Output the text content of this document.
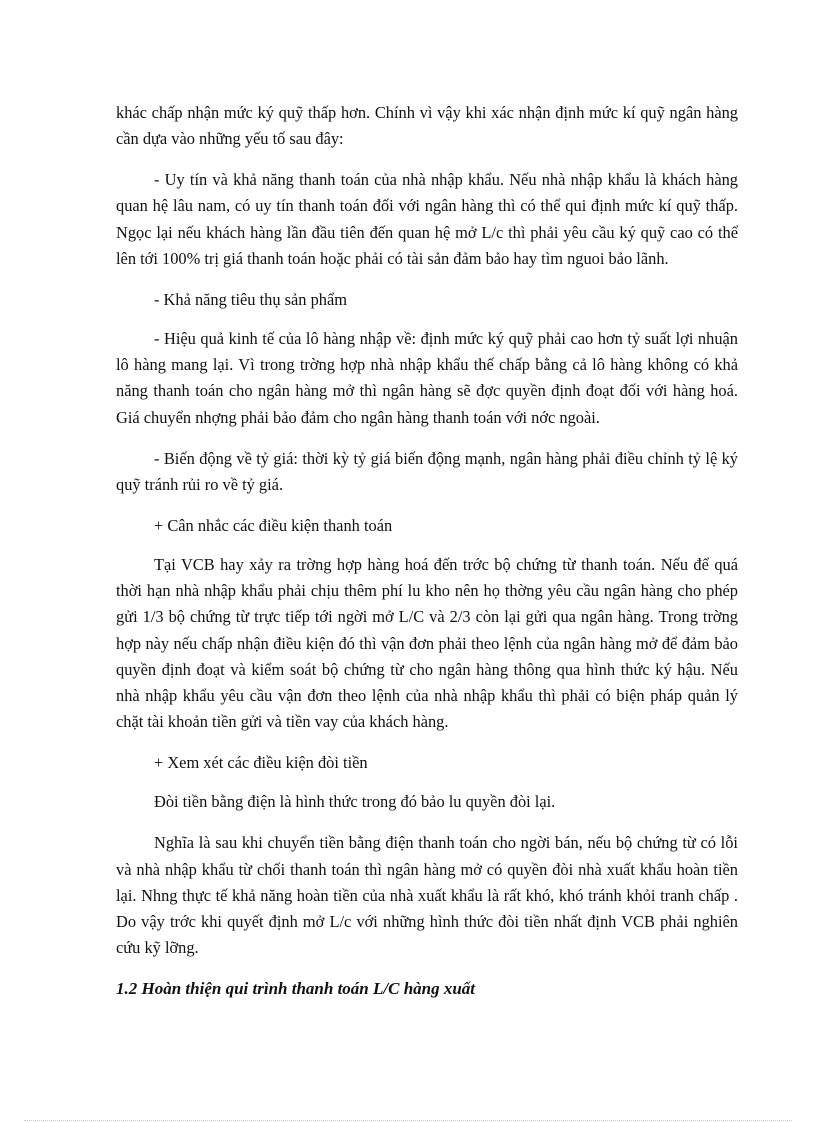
khác chấp nhận mức ký quỹ thấp hơn. Chính vì vậy khi xác nhận định mức kí quỹ ngân hàng cần dựa vào những yếu tố sau đây:

- Uy tín và khả năng thanh toán của nhà nhập khẩu. Nếu nhà nhập khẩu là khách hàng quan hệ lâu nam, có uy tín thanh toán đối với ngân hàng thì có thể qui định mức kí quỹ thấp. Ngọc lại nếu khách hàng lần đầu tiên đến quan hệ mở L/c thì phải yêu cầu ký quỹ cao có thể lên tới 100% trị giá thanh toán hoặc phải có tài sản đảm bảo hay tìm nguoi bảo lãnh.

- Khả năng tiêu thụ sản phẩm

- Hiệu quả kinh tế của lô hàng nhập về: định mức ký quỹ phải cao hơn tỷ suất lợi nhuận lô hàng mang lại. Vì trong trờng hợp nhà nhập khẩu thế chấp bằng cả lô hàng không có khả năng thanh toán cho ngân hàng mở thì ngân hàng sẽ đợc quyền định đoạt đối với hàng hoá. Giá chuyển nhợng phải bảo đảm cho ngân hàng thanh toán với nớc ngoài.

- Biến động về tỷ giá: thời kỳ tỷ giá biến động mạnh, ngân hàng phải điều chỉnh tỷ lệ ký quỹ tránh rủi ro về tỷ giá.

+ Cân nhắc các điều kiện thanh toán

Tại VCB hay xảy ra trờng hợp hàng hoá đến trớc bộ chứng từ thanh toán. Nếu để quá thời hạn nhà nhập khẩu phải chịu thêm phí lu kho nên họ thờng yêu cầu ngân hàng cho phép gửi 1/3 bộ chứng từ trực tiếp tới ngời mở L/C và 2/3 còn lại gửi qua ngân hàng. Trong trờng hợp này nếu chấp nhận điều kiện đó thì vận đơn phải theo lệnh của ngân hàng mở để đảm bảo quyền định đoạt và kiểm soát bộ chứng từ cho ngân hàng thông qua hình thức ký hậu. Nếu nhà nhập khẩu yêu cầu vận đơn theo lệnh của nhà nhập khẩu thì phải có biện pháp quản lý chặt tài khoản tiền gửi và tiền vay của khách hàng.

+ Xem xét các điều kiện đòi tiền

Đòi tiền bằng điện là hình thức trong đó bảo lu quyền đòi lại.

Nghĩa là sau khi chuyển tiền bằng điện thanh toán cho ngời bán, nếu bộ chứng từ có lỗi và nhà nhập khẩu từ chối thanh toán thì ngân hàng mở có quyền đòi nhà xuất khẩu hoàn tiền lại. Nhng thực tế khả năng hoàn tiền của nhà xuất khẩu là rất khó, khó tránh khỏi tranh chấp . Do vậy trớc khi quyết định mở L/c với những hình thức đòi tiền nhất định VCB phải nghiên cứu kỹ lỡng.

1.2 Hoàn thiện qui trình thanh toán L/C hàng xuất
